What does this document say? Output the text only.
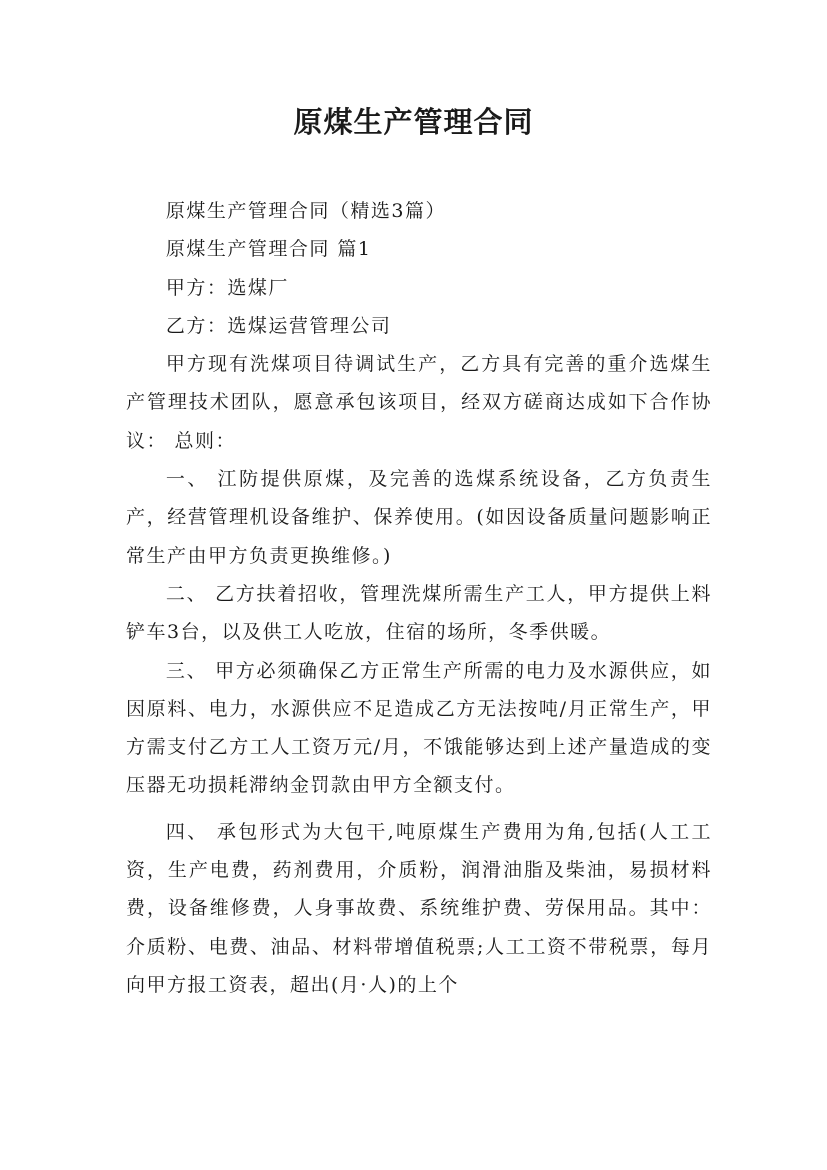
原煤生产管理合同

原煤生产管理合同（精选3篇）

原煤生产管理合同 篇1

甲方：选煤厂

乙方：选煤运营管理公司

甲方现有洗煤项目待调试生产，乙方具有完善的重介选煤生产管理技术团队，愿意承包该项目，经双方磋商达成如下合作协议： 总则：

一、 江防提供原煤，及完善的选煤系统设备，乙方负责生产，经营管理机设备维护、保养使用。(如因设备质量问题影响正常生产由甲方负责更换维修。)

二、 乙方扶着招收，管理洗煤所需生产工人，甲方提供上料铲车3台，以及供工人吃放，住宿的场所，冬季供暖。

三、 甲方必须确保乙方正常生产所需的电力及水源供应，如因原料、电力，水源供应不足造成乙方无法按吨/月正常生产，甲方需支付乙方工人工资万元/月，不饿能够达到上述产量造成的变压器无功损耗滞纳金罚款由甲方全额支付。

四、 承包形式为大包干,吨原煤生产费用为角,包括(人工工资，生产电费，药剂费用，介质粉，润滑油脂及柴油，易损材料费，设备维修费，人身事故费、系统维护费、劳保用品。其中：介质粉、电费、油品、材料带增值税票;人工工资不带税票，每月向甲方报工资表，超出(月·人)的上个
